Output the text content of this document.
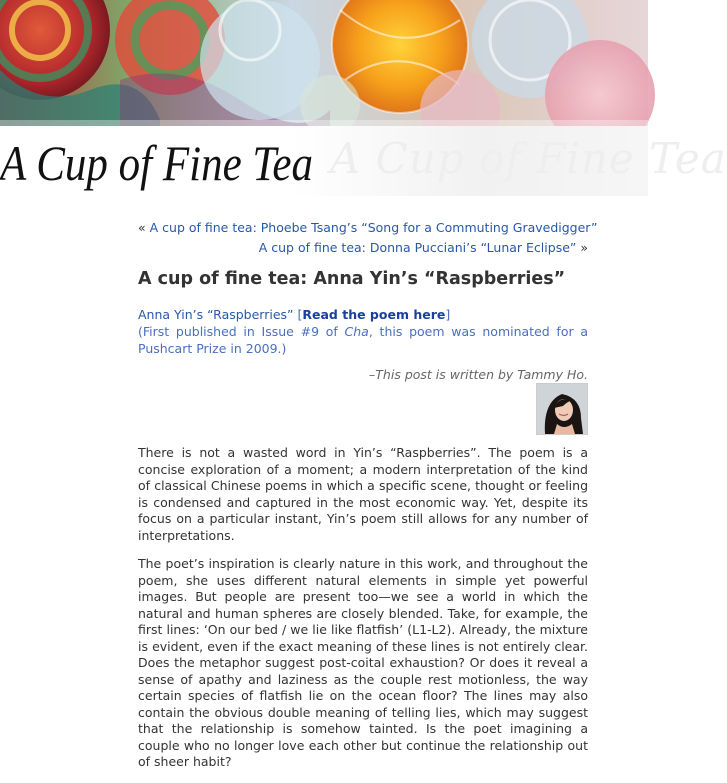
A Cup of Fine Tea
A Cup of Fine Tea
« A cup of fine tea: Phoebe Tsang’s “Song for a Commuting Gravedigger”
A cup of fine tea: Donna Pucciani’s “Lunar Eclipse” »
A cup of fine tea: Anna Yin’s “Raspberries”
Anna Yin’s “Raspberries” [Read the poem here]
(First published in Issue #9 of Cha, this poem was nominated for a Pushcart Prize in 2009.)
–This post is written by Tammy Ho.

There is not a wasted word in Yin’s “Raspberries”. The poem is a concise exploration of a moment; a modern interpretation of the kind of classical Chinese poems in which a specific scene, thought or feeling is condensed and captured in the most economic way. Yet, despite its focus on a particular instant, Yin’s poem still allows for any number of interpretations.

The poet’s inspiration is clearly nature in this work, and throughout the poem, she uses different natural elements in simple yet powerful images. But people are present too—we see a world in which the natural and human spheres are closely blended. Take, for example, the first lines: ‘On our bed / we lie like flatfish’ (L1-L2). Already, the mixture is evident, even if the exact meaning of these lines is not entirely clear. Does the metaphor suggest post-coital exhaustion? Or does it reveal a sense of apathy and laziness as the couple rest motionless, the way certain species of flatfish lie on the ocean floor? The lines may also contain the obvious double meaning of telling lies, which may suggest that the relationship is somehow tainted. Is the poet imagining a couple who no longer love each other but continue the relationship out of sheer habit?
